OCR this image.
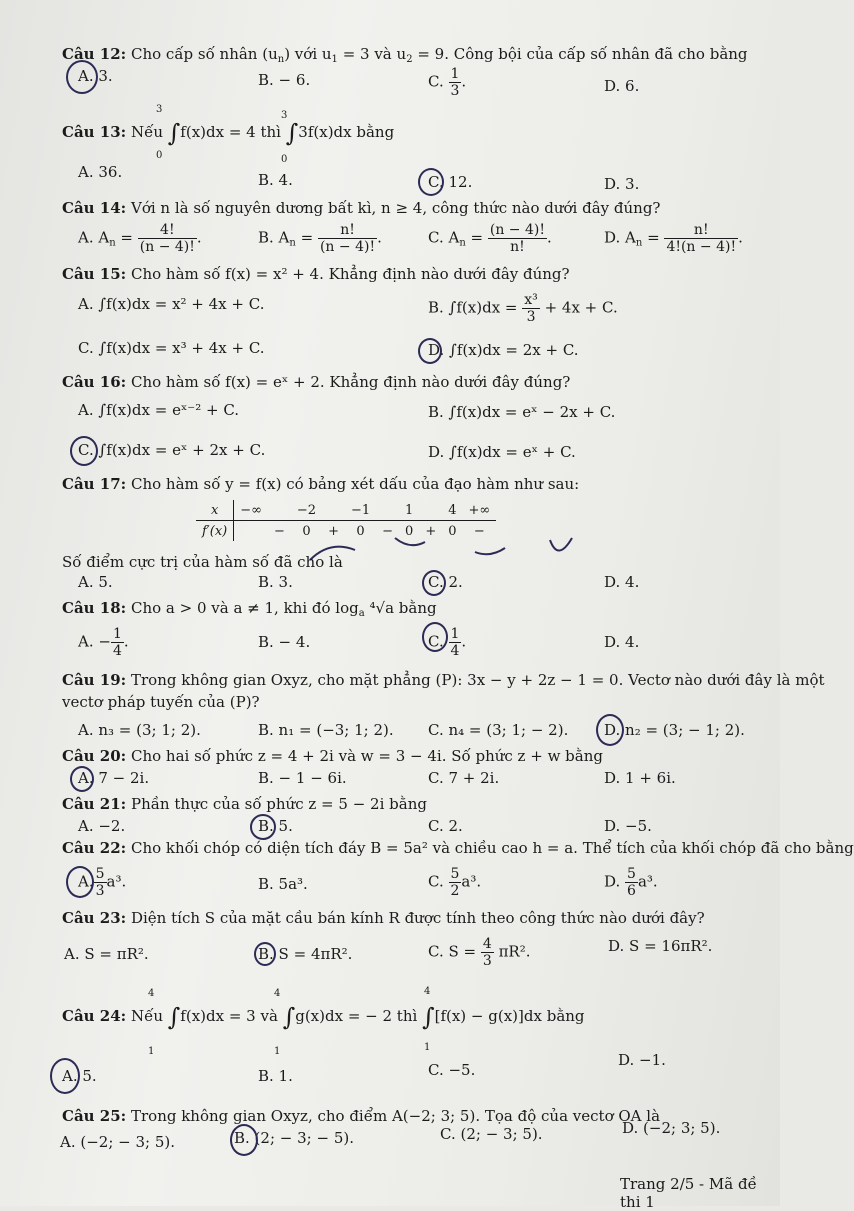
Câu 12: Cho cấp số nhân $(u_n)$ với $u_1 = 3$ và $u_2 = 9$. Công bội của cấp số nhân đã cho bằng
A. 3.	B. − 6.	C. $\frac{1}{3}$ .	D. 6.
Câu 13: Nếu ∫f(x)dx = 4 thì ∫3f(x)dx bằng
3
0
3
0
A. 36.	B. 4.	C. 12.	D. 3.
Câu 14: Với n là số nguyên dương bất kì, n ≥ 4, công thức nào dưới đây đúng?
A. $A_n = \frac{4!}{(n - 4)!}$ .	B. $A_n = \frac{n!}{(n - 4)!}$ .	C. $A_n = \frac{(n - 4)!}{n!}$ .	D. $A_n = \frac{n!}{4!(n - 4)!}$ .
Câu 15: Cho hàm số f(x) = x² + 4. Khẳng định nào dưới đây đúng?
A. ∫f(x)dx = x² + 4x + C.	B. $\int f(x)dx = \frac{\text{x³}}{3} + 4x + C$.
C. ∫f(x)dx = x³ + 4x + C.	D. ∫f(x)dx = 2x + C.
Câu 16: Cho hàm số f(x) = eˣ + 2. Khẳng định nào dưới đây đúng?
A. ∫f(x)dx = eˣ⁻² + C.	B. ∫f(x)dx = eˣ − 2x + C.
C. ∫f(x)dx = eˣ + 2x + C.	D. ∫f(x)dx = eˣ + C.
Câu 17: Cho hàm số y = f(x) có bảng xét dấu của đạo hàm như sau:
x	−∞		−2		−1		1		4	+∞
f′(x)		−	0	+	0	−	0	+	0	−
Số điểm cực trị của hàm số đã cho là
A. 5.	B. 3.	C. 2.	D. 4.
Câu 18: Cho a > 0 và a ≠ 1, khi đó $\log_a ^4√a$ bằng
A. − $\frac{1}{4}$ .	B. − 4.	C. $\frac{1}{4}$ .	D. 4.
Câu 19: Trong không gian Oxyz, cho mặt phẳng (P): 3x − y + 2z − 1 = 0. Vectơ nào dưới đây là một
vectơ pháp tuyến của (P)?
A. n₃ = (3; 1; 2).	B. n₁ = (−3; 1; 2). C. n₄ = (3; 1; − 2). D. n₂ = (3; − 1; 2).
Câu 20: Cho hai số phức z = 4 + 2i và w = 3 − 4i. Số phức z + w bằng
A. 7 − 2i.	B. − 1 − 6i.	C. 7 + 2i.	D. 1 + 6i.
Câu 21: Phần thực của số phức z = 5 − 2i bằng
A. −2.	B. 5.	C. 2.	D. −5.
Câu 22: Cho khối chóp có diện tích đáy B = 5a² và chiều cao h = a. Thể tích của khối chóp đã cho bằng
A. $\frac{5}{3} a^3$.	B. 5a³.	C. $\frac{5}{2} a^3$.	D. $\frac{5}{6} a^3$.
Câu 23: Diện tích S của mặt cầu bán kính R được tính theo công thức nào dưới đây?
A. S = πR².	B. S = 4πR².	C. $S = \frac{4}{3} \pi R^2$.	D. S = 16πR².
Câu 24: Nếu ∫f(x)dx = 3 và ∫g(x)dx = − 2 thì ∫[f(x) − g(x)]dx bằng
4
1
4
1
4
1
A. 5.	B. 1.	C. −5.
D. −1.
Câu 25: Trong không gian Oxyz, cho điểm A(−2; 3; 5). Tọa độ của vectơ OA là
A. (−2; − 3; 5).	B. (2; − 3; − 5).	C. (2; − 3; 5).	D. (−2; 3; 5).
Trang 2/5 - Mã đề thi 1
